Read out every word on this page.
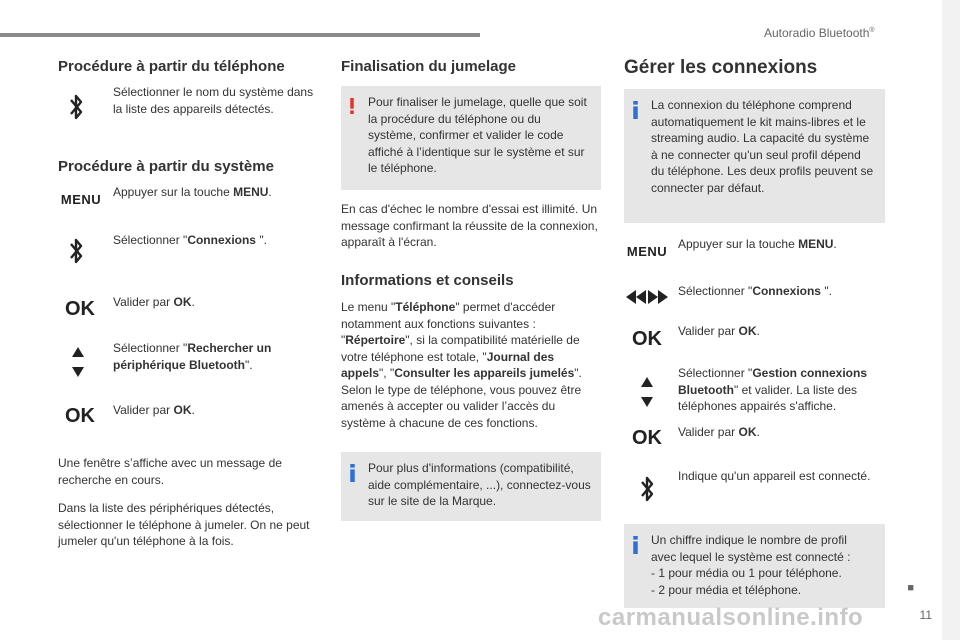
Autoradio Bluetooth®
■
11
Procédure à partir du téléphone
Sélectionner le nom du système dans la liste des appareils détectés.
Procédure à partir du système
MENU Appuyer sur la touche MENU.
Sélectionner "Connexions ".
OK	Valider par OK.
Sélectionner "Rechercher un périphérique Bluetooth".
OK	Valider par OK.
Une fenêtre s’affiche avec un message de recherche en cours.
Dans la liste des périphériques détectés, sélectionner le téléphone à jumeler. On ne peut jumeler qu'un téléphone à la fois.
Finalisation du jumelage
Pour finaliser le jumelage, quelle que soit la procédure du téléphone ou du système, confirmer et valider le code affiché à l’identique sur le système et sur le téléphone.
En cas d'échec le nombre d'essai est illimité. Un message confirmant la réussite de la connexion, apparaît à l'écran.
Informations et conseils
Le menu "Téléphone" permet d'accéder notamment aux fonctions suivantes : "Répertoire", si la compatibilité matérielle de votre téléphone est totale, "Journal des appels", "Consulter les appareils jumelés". Selon le type de téléphone, vous pouvez être amenés à accepter ou valider l’accès du système à chacune de ces fonctions.
Pour plus d'informations (compatibilité, aide complémentaire, ...), connectez-vous sur le site de la Marque.
Gérer les connexions
La connexion du téléphone comprend automatiquement le kit mains-libres et le streaming audio. La capacité du système à ne connecter qu'un seul profil dépend du téléphone. Les deux profils peuvent se connecter par défaut.
MENU Appuyer sur la touche MENU.
Sélectionner "Connexions ".
OK	Valider par OK.
Sélectionner "Gestion connexions Bluetooth" et valider. La liste des téléphones appairés s'affiche.
OK	Valider par OK.
Indique qu'un appareil est connecté.
Un chiffre indique le nombre de profil avec lequel le système est connecté :
- 1 pour média ou 1 pour téléphone.
- 2 pour média et téléphone.
carmanualsonline.info
